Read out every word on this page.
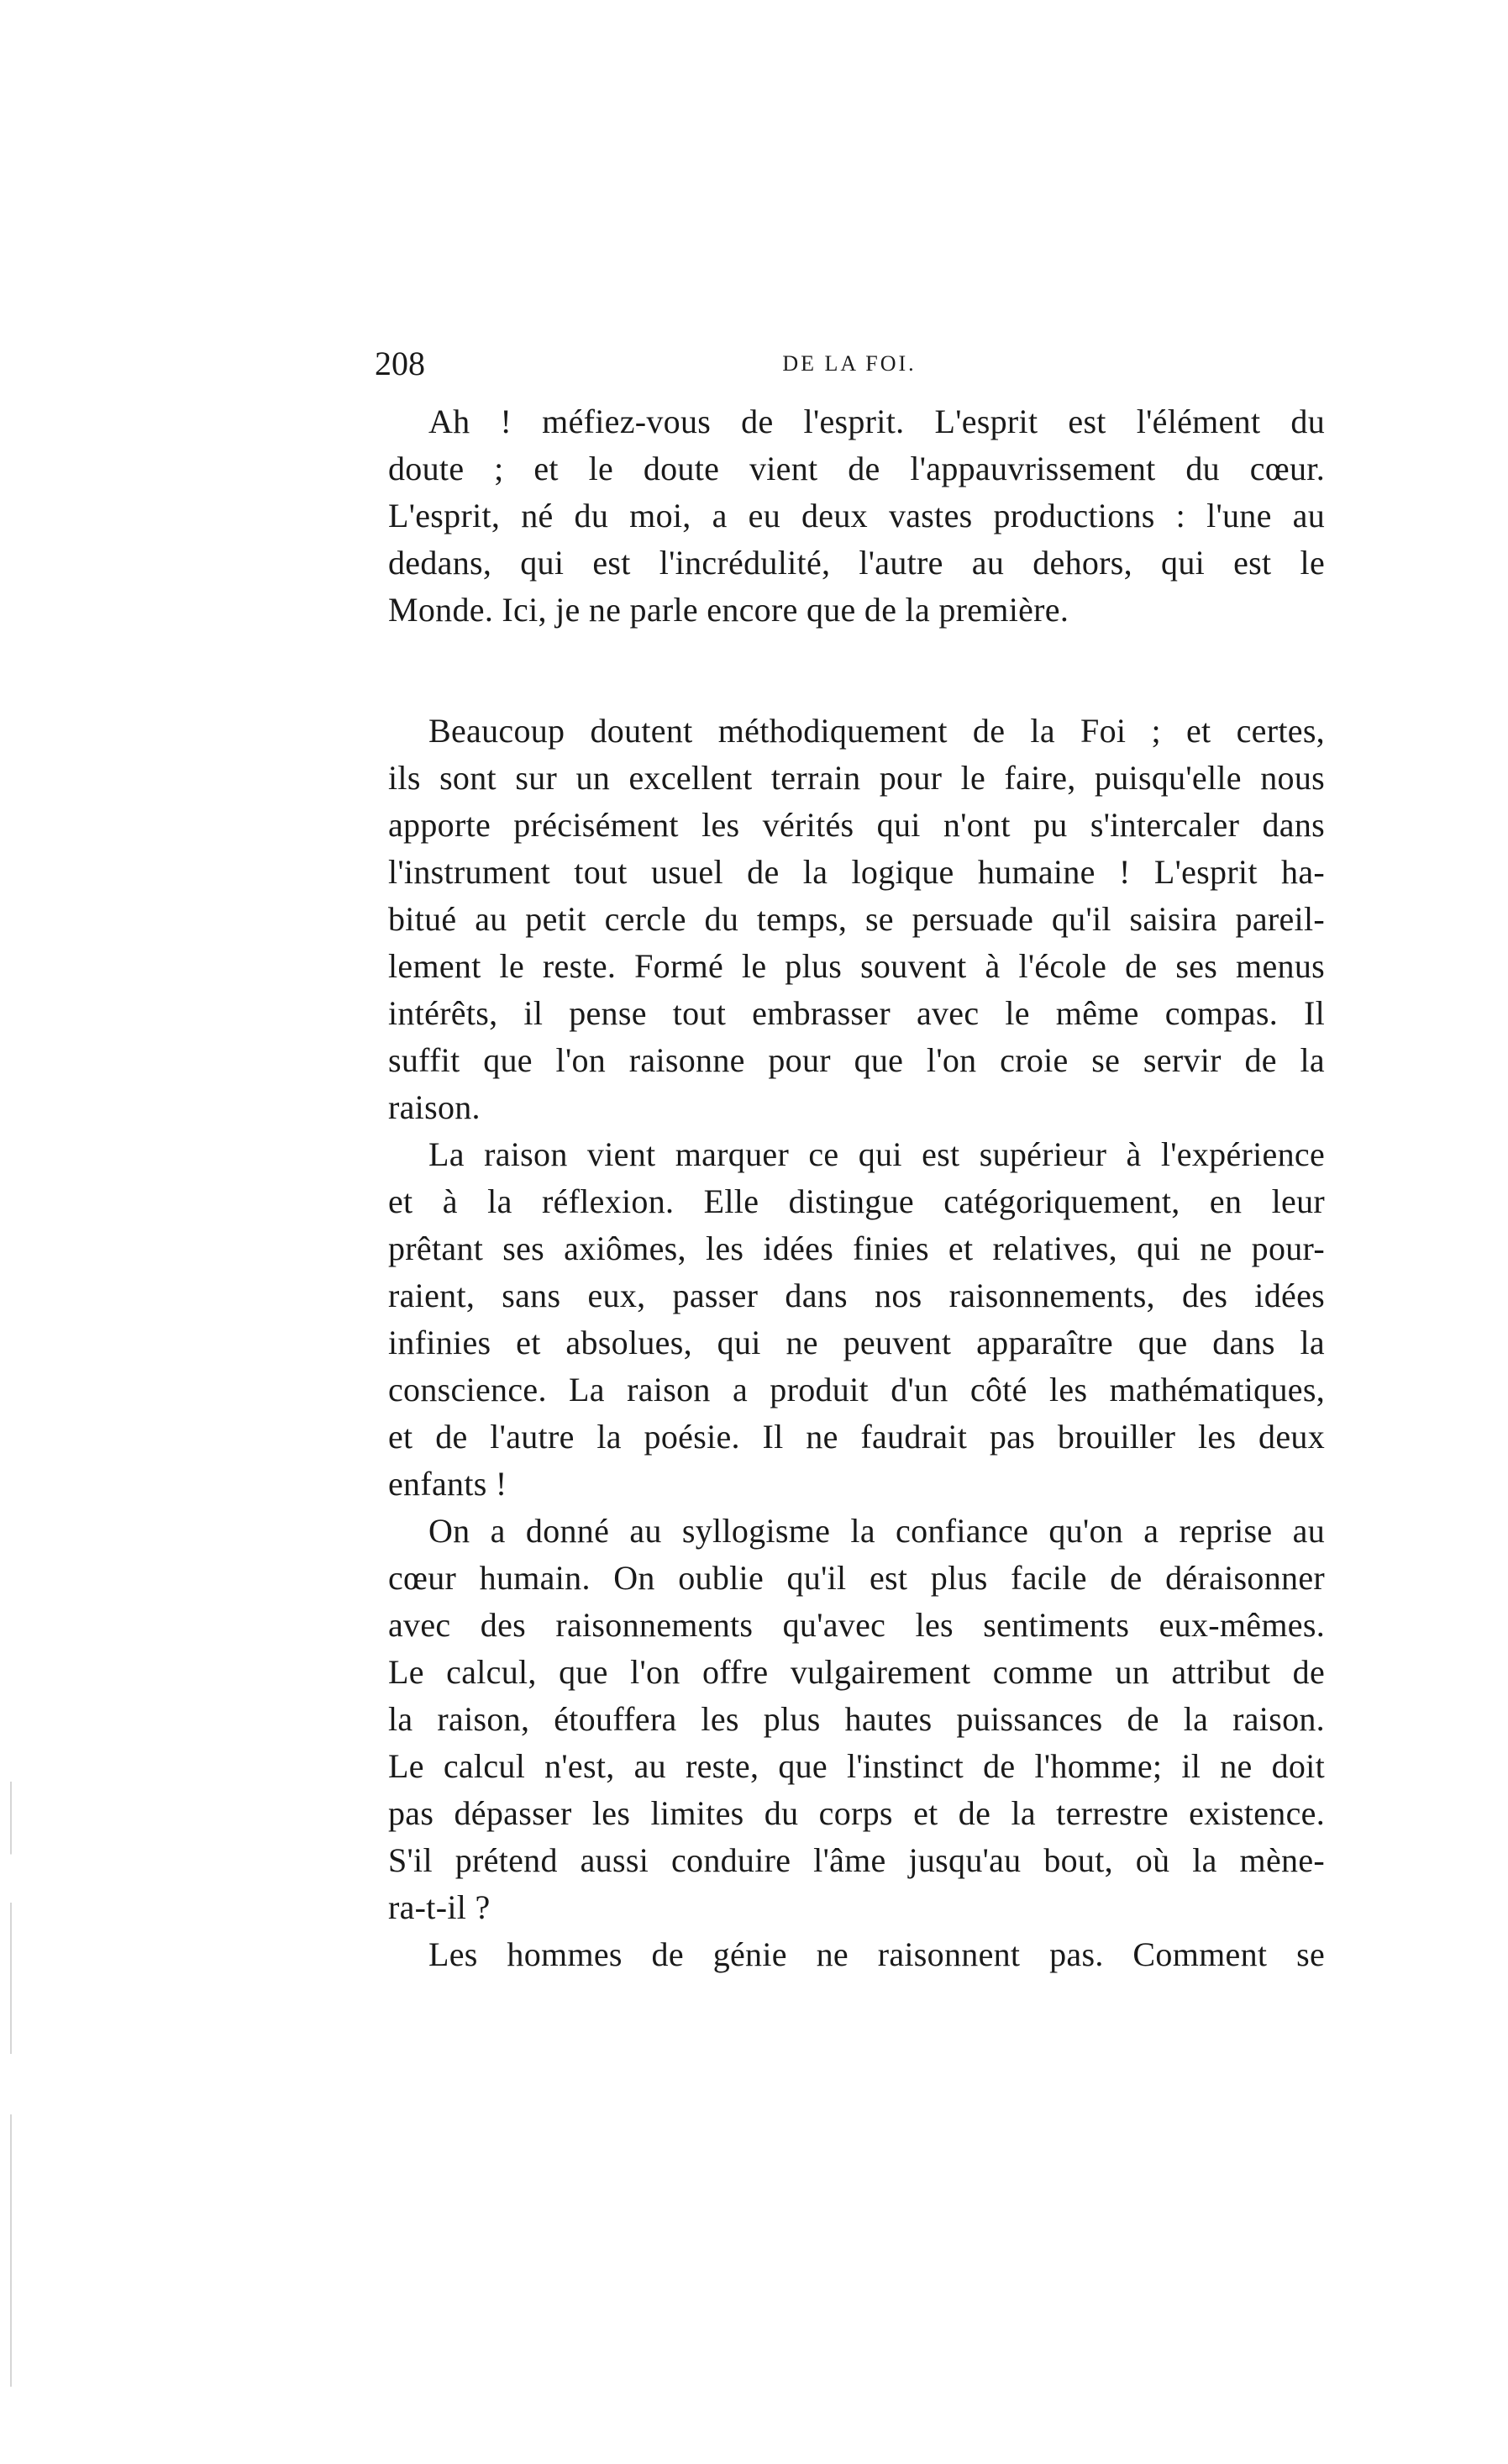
208	DE LA FOI.
Ah ! méfiez-vous de l'esprit. L'esprit est l'élément du
doute ; et le doute vient de l'appauvrissement du cœur.
L'esprit, né du moi, a eu deux vastes productions : l'une au
dedans, qui est l'incrédulité, l'autre au dehors, qui est le
Monde. Ici, je ne parle encore que de la première.
Beaucoup doutent méthodiquement de la Foi ; et certes,
ils sont sur un excellent terrain pour le faire, puisqu'elle nous
apporte précisément les vérités qui n'ont pu s'intercaler dans
l'instrument tout usuel de la logique humaine ! L'esprit ha-
bitué au petit cercle du temps, se persuade qu'il saisira pareil-
lement le reste. Formé le plus souvent à l'école de ses menus
intérêts, il pense tout embrasser avec le même compas. Il
suffit que l'on raisonne pour que l'on croie se servir de la
raison.
La raison vient marquer ce qui est supérieur à l'expérience
et à la réflexion. Elle distingue catégoriquement, en leur
prêtant ses axiômes, les idées finies et relatives, qui ne pour-
raient, sans eux, passer dans nos raisonnements, des idées
infinies et absolues, qui ne peuvent apparaître que dans la
conscience. La raison a produit d'un côté les mathématiques,
et de l'autre la poésie. Il ne faudrait pas brouiller les deux
enfants !
On a donné au syllogisme la confiance qu'on a reprise au
cœur humain. On oublie qu'il est plus facile de déraisonner
avec des raisonnements qu'avec les sentiments eux-mêmes.
Le calcul, que l'on offre vulgairement comme un attribut de
la raison, étouffera les plus hautes puissances de la raison.
Le calcul n'est, au reste, que l'instinct de l'homme; il ne doit
pas dépasser les limites du corps et de la terrestre existence.
S'il prétend aussi conduire l'âme jusqu'au bout, où la mène-
ra-t-il ?
Les hommes de génie ne raisonnent pas. Comment se
